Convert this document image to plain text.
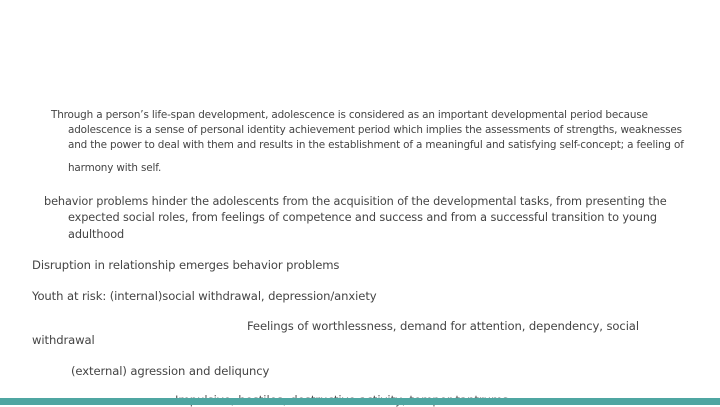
Through a person’s life-span development, adolescence is considered as an important developmental period because
adolescence is a sense of personal identity achievement period which implies the assessments of strengths, weaknesses
and the power to deal with them and results in the establishment of a meaningful and satisfying self-concept; a feeling of
harmony with self.
behavior problems hinder the adolescents from the acquisition of the developmental tasks, from presenting the
expected social roles, from feelings of competence and success and from a successful transition to young
adulthood
Disruption in relationship emerges behavior problems
Youth at risk: (internal)social withdrawal, depression/anxiety
Feelings of worthlessness, demand for attention, dependency, social
withdrawal
(external) agression and deliqunсy
